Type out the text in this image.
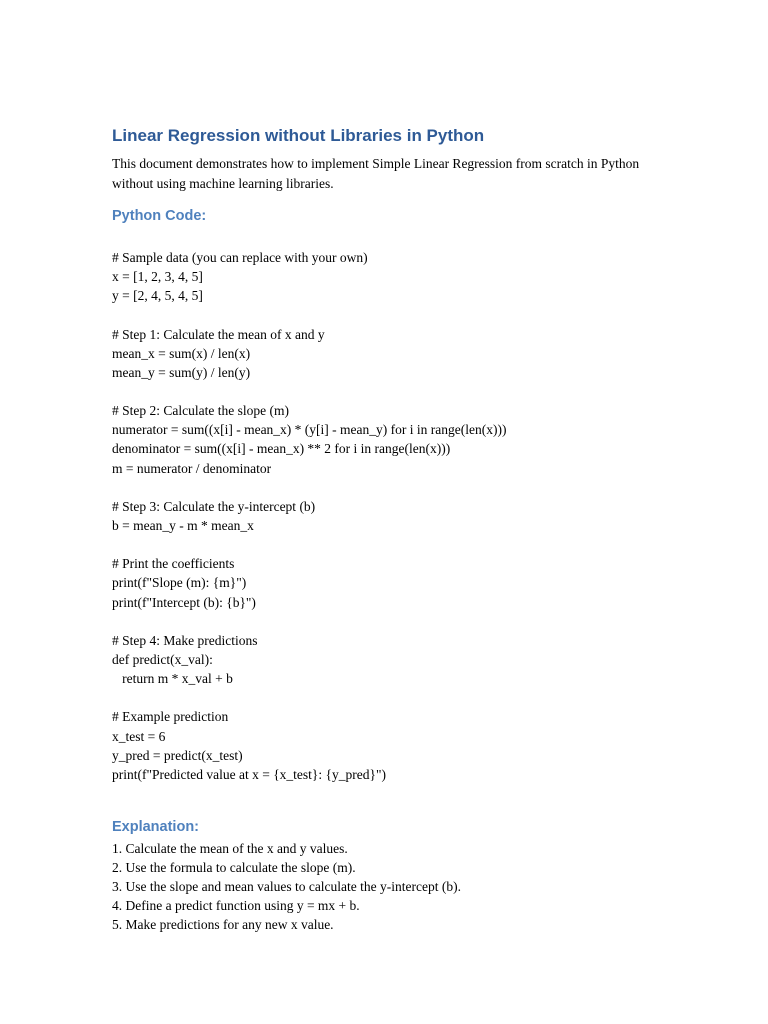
Linear Regression without Libraries in Python

This document demonstrates how to implement Simple Linear Regression from scratch in Python without using machine learning libraries.

Python Code:
# Sample data (you can replace with your own)
x = [1, 2, 3, 4, 5]
y = [2, 4, 5, 4, 5]
# Step 1: Calculate the mean of x and y
mean_x = sum(x) / len(x)
mean_y = sum(y) / len(y)
# Step 2: Calculate the slope (m)
numerator = sum((x[i] - mean_x) * (y[i] - mean_y) for i in range(len(x)))
denominator = sum((x[i] - mean_x) ** 2 for i in range(len(x)))
m = numerator / denominator
# Step 3: Calculate the y-intercept (b)
b = mean_y - m * mean_x
# Print the coefficients
print(f"Slope (m): {m}")
print(f"Intercept (b): {b}")
# Step 4: Make predictions
def predict(x_val):
return m * x_val + b
# Example prediction
x_test = 6
y_pred = predict(x_test)
print(f"Predicted value at x = {x_test}: {y_pred}")
Explanation:
1. Calculate the mean of the x and y values.
2. Use the formula to calculate the slope (m).
3. Use the slope and mean values to calculate the y-intercept (b).
4. Define a predict function using y = mx + b.
5. Make predictions for any new x value.
